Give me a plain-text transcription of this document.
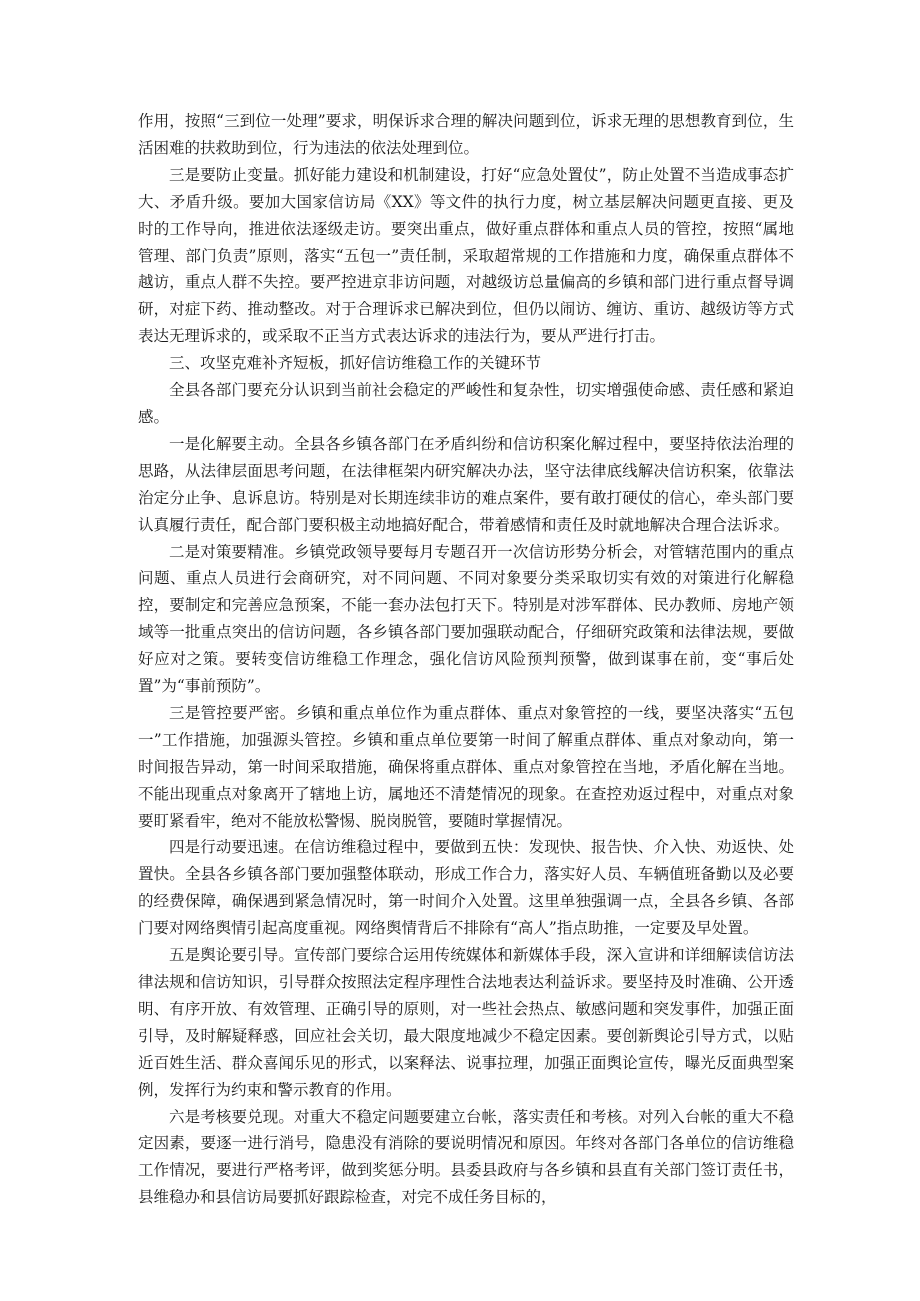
作用，按照“三到位一处理”要求，明保诉求合理的解决问题到位，诉求无理的思想教育到位，生活困难的扶救助到位，行为违法的依法处理到位。

三是要防止变量。抓好能力建设和机制建设，打好“应急处置仗”，防止处置不当造成事态扩大、矛盾升级。要加大国家信访局《XX》等文件的执行力度，树立基层解决问题更直接、更及时的工作导向，推进依法逐级走访。要突出重点，做好重点群体和重点人员的管控，按照“属地管理、部门负责”原则，落实“五包一”责任制，采取超常规的工作措施和力度，确保重点群体不越访，重点人群不失控。要严控进京非访问题，对越级访总量偏高的乡镇和部门进行重点督导调研，对症下药、推动整改。对于合理诉求已解决到位，但仍以闹访、缠访、重访、越级访等方式表达无理诉求的，或采取不正当方式表达诉求的违法行为，要从严进行打击。

三、攻坚克难补齐短板，抓好信访维稳工作的关键环节

全县各部门要充分认识到当前社会稳定的严峻性和复杂性，切实增强使命感、责任感和紧迫感。

一是化解要主动。全县各乡镇各部门在矛盾纠纷和信访积案化解过程中，要坚持依法治理的思路，从法律层面思考问题，在法律框架内研究解决办法，坚守法律底线解决信访积案，依靠法治定分止争、息诉息访。特别是对长期连续非访的难点案件，要有敢打硬仗的信心，牵头部门要认真履行责任，配合部门要积极主动地搞好配合，带着感情和责任及时就地解决合理合法诉求。

二是对策要精准。乡镇党政领导要每月专题召开一次信访形势分析会，对管辖范围内的重点问题、重点人员进行会商研究，对不同问题、不同对象要分类采取切实有效的对策进行化解稳控，要制定和完善应急预案，不能一套办法包打天下。特别是对涉军群体、民办教师、房地产领域等一批重点突出的信访问题，各乡镇各部门要加强联动配合，仔细研究政策和法律法规，要做好应对之策。要转变信访维稳工作理念，强化信访风险预判预警，做到谋事在前，变“事后处置”为“事前预防”。

三是管控要严密。乡镇和重点单位作为重点群体、重点对象管控的一线，要坚决落实“五包一”工作措施，加强源头管控。乡镇和重点单位要第一时间了解重点群体、重点对象动向，第一时间报告异动，第一时间采取措施，确保将重点群体、重点对象管控在当地，矛盾化解在当地。不能出现重点对象离开了辖地上访，属地还不清楚情况的现象。在查控劝返过程中，对重点对象要盯紧看牢，绝对不能放松警惕、脱岗脱管，要随时掌握情况。

四是行动要迅速。在信访维稳过程中，要做到五快：发现快、报告快、介入快、劝返快、处置快。全县各乡镇各部门要加强整体联动，形成工作合力，落实好人员、车辆值班备勤以及必要的经费保障，确保遇到紧急情况时，第一时间介入处置。这里单独强调一点，全县各乡镇、各部门要对网络舆情引起高度重视。网络舆情背后不排除有“高人”指点助推，一定要及早处置。

五是舆论要引导。宣传部门要综合运用传统媒体和新媒体手段，深入宣讲和详细解读信访法律法规和信访知识，引导群众按照法定程序理性合法地表达利益诉求。要坚持及时准确、公开透明、有序开放、有效管理、正确引导的原则，对一些社会热点、敏感问题和突发事件，加强正面引导，及时解疑释惑，回应社会关切，最大限度地减少不稳定因素。要创新舆论引导方式，以贴近百姓生活、群众喜闻乐见的形式，以案释法、说事拉理，加强正面舆论宣传，曝光反面典型案例，发挥行为约束和警示教育的作用。

六是考核要兑现。对重大不稳定问题要建立台帐，落实责任和考核。对列入台帐的重大不稳定因素，要逐一进行消号，隐患没有消除的要说明情况和原因。年终对各部门各单位的信访维稳工作情况，要进行严格考评，做到奖惩分明。县委县政府与各乡镇和县直有关部门签订责任书，县维稳办和县信访局要抓好跟踪检查，对完不成任务目标的，
